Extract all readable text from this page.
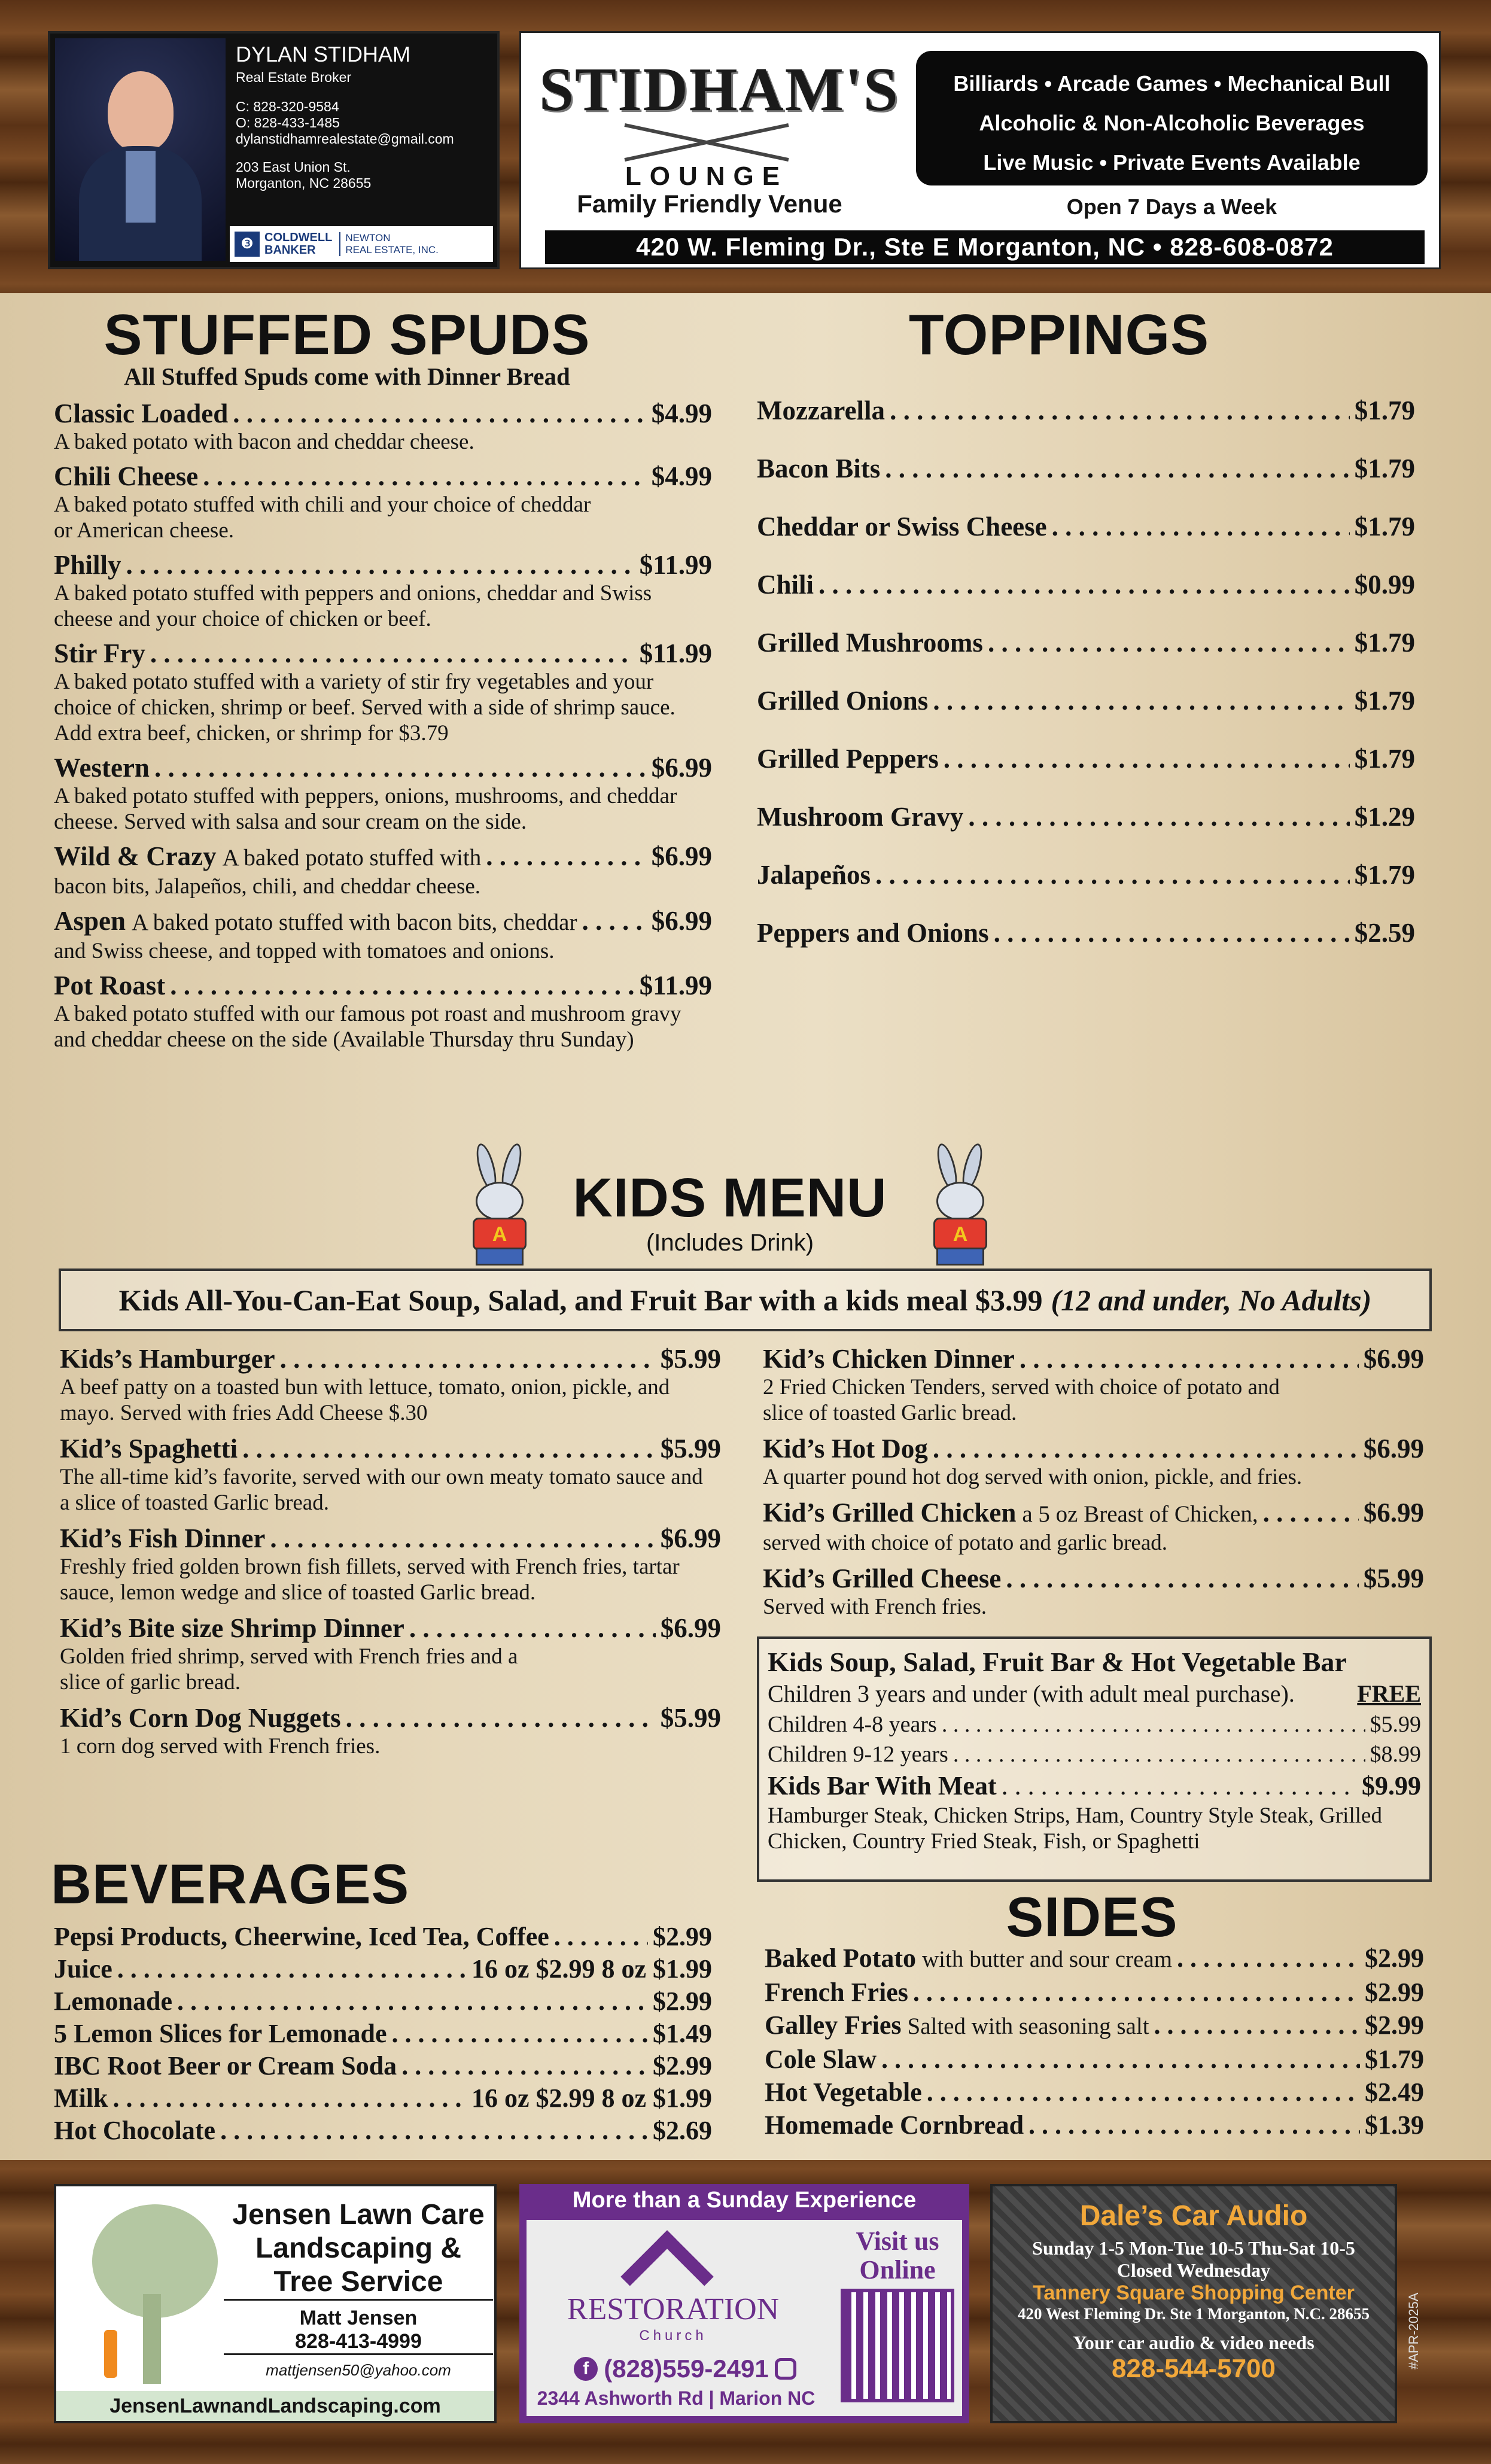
DYLAN STIDHAM
Real Estate Broker
C: 828-320-9584
O: 828-433-1485
dylanstidhamrealestate@gmail.com
203 East Union St.
Morganton, NC 28655
❸ COLDWELL
BANKER
NEWTON
REAL ESTATE, INC.
STIDHAM'S
LOUNGE
Family Friendly Venue
Billiards • Arcade Games • Mechanical Bull
Alcoholic & Non-Alcoholic Beverages
Live Music • Private Events Available
Open 7 Days a Week
420 W. Fleming Dr., Ste E Morganton, NC • 828-608-0872
STUFFED SPUDS
All Stuffed Spuds come with Dinner Bread
Classic Loaded . . .	$4.99
A baked potato with bacon and cheddar cheese.
Chili Cheese . . .	$4.99
A baked potato stuffed with chili and your choice of cheddar or American cheese.
Philly . . .	$11.99
A baked potato stuffed with peppers and onions, cheddar and Swiss cheese and your choice of chicken or beef.
Stir Fry . . .	$11.99
A baked potato stuffed with a variety of stir fry vegetables and your choice of chicken, shrimp or beef. Served with a side of shrimp sauce. Add extra beef, chicken, or shrimp for $3.79
Western . . .	$6.99
A baked potato stuffed with peppers, onions, mushrooms, and cheddar cheese. Served with salsa and sour cream on the side.
Wild & Crazy A baked potato stuffed with . . .	$6.99
bacon bits, Jalapeños, chili, and cheddar cheese.
Aspen A baked potato stuffed with bacon bits, cheddar . . .	$6.99
and Swiss cheese, and topped with tomatoes and onions.
Pot Roast . . .	$11.99
A baked potato stuffed with our famous pot roast and mushroom gravy and cheddar cheese on the side (Available Thursday thru Sunday)
TOPPINGS
Mozzarella . . .	$1.79
Bacon Bits . . .	$1.79
Cheddar or Swiss Cheese . . .	$1.79
Chili . . .	$0.99
Grilled Mushrooms . . .	$1.79
Grilled Onions . . .	$1.79
Grilled Peppers . . .	$1.79
Mushroom Gravy . . .	$1.29
Jalapeños . . .	$1.79
Peppers and Onions . . .	$2.59
A	A
KIDS MENU
(Includes Drink)
Kids All-You-Can-Eat Soup, Salad, and Fruit Bar with a kids meal $3.99 (12 and under, No Adults)
Kids’s Hamburger . . .	$5.99
A beef patty on a toasted bun with lettuce, tomato, onion, pickle, and mayo. Served with fries Add Cheese $.30
Kid’s Spaghetti . . .	$5.99
The all-time kid’s favorite, served with our own meaty tomato sauce and a slice of toasted Garlic bread.
Kid’s Fish Dinner . . .	$6.99
Freshly fried golden brown fish fillets, served with French fries, tartar sauce, lemon wedge and slice of toasted Garlic bread.
Kid’s Bite size Shrimp Dinner . . .	$6.99
Golden fried shrimp, served with French fries and a slice of garlic bread.
Kid’s Corn Dog Nuggets . . .	$5.99
1 corn dog served with French fries.
Kid’s Chicken Dinner . . .	$6.99
2 Fried Chicken Tenders, served with choice of potato and slice of toasted Garlic bread.
Kid’s Hot Dog . . .	$6.99
A quarter pound hot dog served with onion, pickle, and fries.
Kid’s Grilled Chicken a 5 oz Breast of Chicken, . . .	$6.99
served with choice of potato and garlic bread.
Kid’s Grilled Cheese . . .	$5.99
Served with French fries.
Kids Soup, Salad, Fruit Bar & Hot Vegetable Bar
Children 3 years and under (with adult meal purchase).	FREE
Children 4-8 years . . .	$5.99
Children 9-12 years . . .	$8.99
Kids Bar With Meat . . .	$9.99
Hamburger Steak, Chicken Strips, Ham, Country Style Steak, Grilled Chicken, Country Fried Steak, Fish, or Spaghetti
BEVERAGES
Pepsi Products, Cheerwine, Iced Tea, Coffee . . .	$2.99
Juice . . .	16 oz $2.99 8 oz $1.99
Lemonade . . .	$2.99
5 Lemon Slices for Lemonade . . .	$1.49
IBC Root Beer or Cream Soda . . .	$2.99
Milk . . .	16 oz $2.99 8 oz $1.99
Hot Chocolate . . .	$2.69
SIDES
Baked Potato with butter and sour cream . . .	$2.99
French Fries . . .	$2.99
Galley Fries Salted with seasoning salt . . .	$2.99
Cole Slaw . . .	$1.79
Hot Vegetable . . .	$2.49
Homemade Cornbread . . .	$1.39
Jensen Lawn Care
Landscaping &
Tree Service
Matt Jensen
828-413-4999
mattjensen50@yahoo.com
JensenLawnandLandscaping.com
More than a Sunday Experience
RESTORATION
Church
Visit us
Online
f (828)559-2491
2344 Ashworth Rd | Marion NC
Dale’s Car Audio
Sunday 1-5 Mon-Tue 10-5 Thu-Sat 10-5
Closed Wednesday
Tannery Square Shopping Center
420 West Fleming Dr. Ste 1 Morganton, N.C. 28655
Your car audio & video needs
828-544-5700	#APR-2025A
